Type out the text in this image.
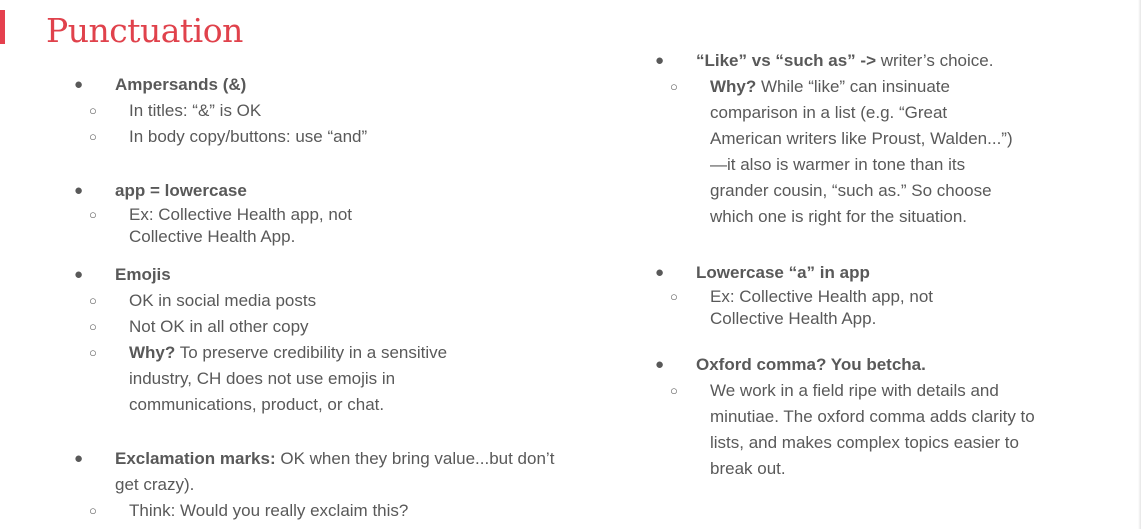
Punctuation
● Ampersands (&)
○ In titles: “&” is OK
○ In body copy/buttons: use “and”
● app = lowercase
○ Ex: Collective Health app, not Collective Health App.
● Emojis
○ OK in social media posts
○ Not OK in all other copy
○ Why? To preserve credibility in a sensitive industry, CH does not use emojis in communications, product, or chat.
● Exclamation marks: OK when they bring value...but don’t get crazy).
○ Think: Would you really exclaim this?
● “Like” vs “such as” -> writer’s choice.
○ Why? While “like” can insinuate comparison in a list (e.g. “Great American writers like Proust, Walden...”)—it also is warmer in tone than its grander cousin, “such as.” So choose which one is right for the situation.
● Lowercase “a” in app
○ Ex: Collective Health app, not Collective Health App.
● Oxford comma? You betcha.
○ We work in a field ripe with details and minutiae. The oxford comma adds clarity to lists, and makes complex topics easier to break out.
